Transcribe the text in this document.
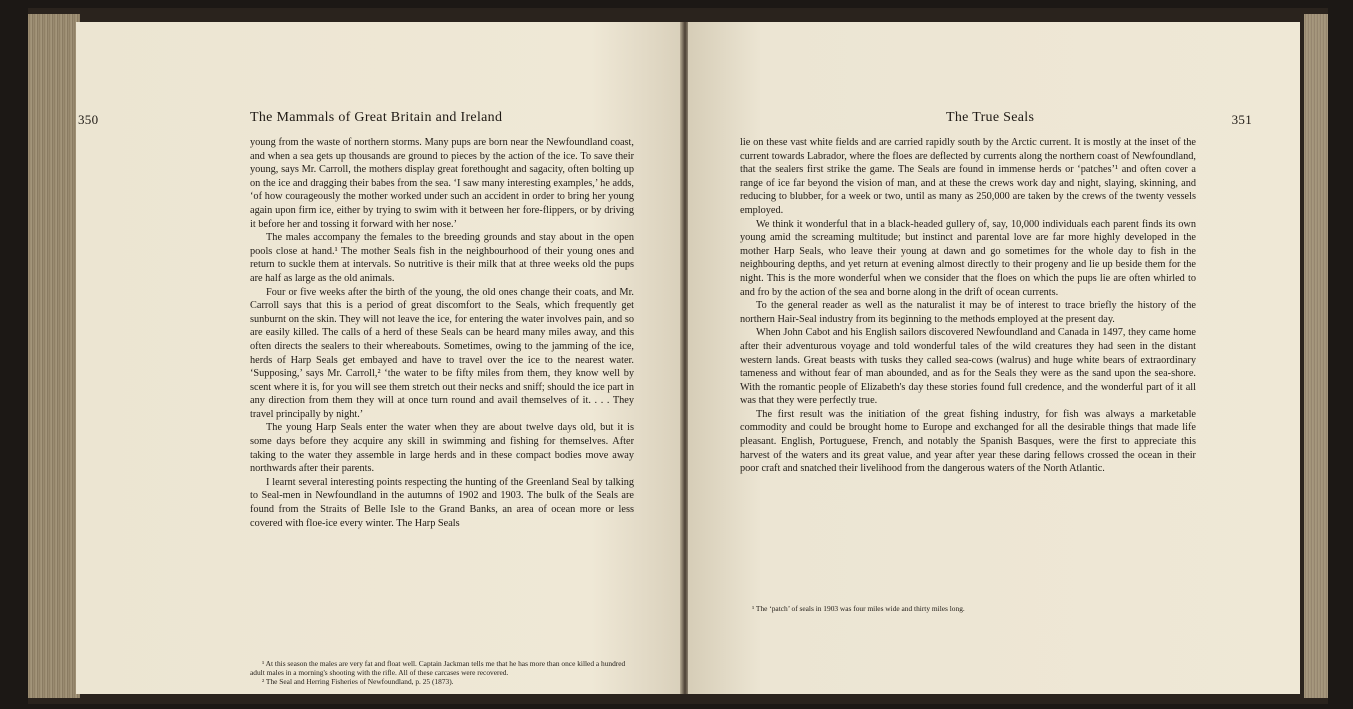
350	The Mammals of Great Britain and Ireland

young from the waste of northern storms. Many pups are born near the Newfoundland coast, and when a sea gets up thousands are ground to pieces by the action of the ice. To save their young, says Mr. Carroll, the mothers display great forethought and sagacity, often bolting up on the ice and dragging their babes from the sea. ‘I saw many interesting examples,’ he adds, ‘of how courageously the mother worked under such an accident in order to bring her young again upon firm ice, either by trying to swim with it between her fore-flippers, or by driving it before her and tossing it forward with her nose.’

The males accompany the females to the breeding grounds and stay about in the open pools close at hand.¹ The mother Seals fish in the neighbourhood of their young ones and return to suckle them at intervals. So nutritive is their milk that at three weeks old the pups are half as large as the old animals.

Four or five weeks after the birth of the young, the old ones change their coats, and Mr. Carroll says that this is a period of great discomfort to the Seals, which frequently get sunburnt on the skin. They will not leave the ice, for entering the water involves pain, and so are easily killed. The calls of a herd of these Seals can be heard many miles away, and this often directs the sealers to their whereabouts. Sometimes, owing to the jamming of the ice, herds of Harp Seals get embayed and have to travel over the ice to the nearest water. ‘Supposing,’ says Mr. Carroll,² ‘the water to be fifty miles from them, they know well by scent where it is, for you will see them stretch out their necks and sniff; should the ice part in any direction from them they will at once turn round and avail themselves of it. . . . They travel principally by night.’

The young Harp Seals enter the water when they are about twelve days old, but it is some days before they acquire any skill in swimming and fishing for themselves. After taking to the water they assemble in large herds and in these compact bodies move away northwards after their parents.

I learnt several interesting points respecting the hunting of the Greenland Seal by talking to Seal-men in Newfoundland in the autumns of 1902 and 1903. The bulk of the Seals are found from the Straits of Belle Isle to the Grand Banks, an area of ocean more or less covered with floe-ice every winter. The Harp Seals

¹ At this season the males are very fat and float well. Captain Jackman tells me that he has more than once killed a hundred adult males in a morning's shooting with the rifle. All of these carcases were recovered.

² The Seal and Herring Fisheries of Newfoundland, p. 25 (1873).

The True Seals	351

lie on these vast white fields and are carried rapidly south by the Arctic current. It is mostly at the inset of the current towards Labrador, where the floes are deflected by currents along the northern coast of Newfoundland, that the sealers first strike the game. The Seals are found in immense herds or ‘patches’¹ and often cover a range of ice far beyond the vision of man, and at these the crews work day and night, slaying, skinning, and reducing to blubber, for a week or two, until as many as 250,000 are taken by the crews of the twenty vessels employed.

We think it wonderful that in a black-headed gullery of, say, 10,000 individuals each parent finds its own young amid the screaming multitude; but instinct and parental love are far more highly developed in the mother Harp Seals, who leave their young at dawn and go sometimes for the whole day to fish in the neighbouring depths, and yet return at evening almost directly to their progeny and lie up beside them for the night. This is the more wonderful when we consider that the floes on which the pups lie are often whirled to and fro by the action of the sea and borne along in the drift of ocean currents.

To the general reader as well as the naturalist it may be of interest to trace briefly the history of the northern Hair-Seal industry from its beginning to the methods employed at the present day.

When John Cabot and his English sailors discovered Newfoundland and Canada in 1497, they came home after their adventurous voyage and told wonderful tales of the wild creatures they had seen in the distant western lands. Great beasts with tusks they called sea-cows (walrus) and huge white bears of extraordinary tameness and without fear of man abounded, and as for the Seals they were as the sand upon the sea-shore. With the romantic people of Elizabeth's day these stories found full credence, and the wonderful part of it all was that they were perfectly true.

The first result was the initiation of the great fishing industry, for fish was always a marketable commodity and could be brought home to Europe and exchanged for all the desirable things that made life pleasant. English, Portuguese, French, and notably the Spanish Basques, were the first to appreciate this harvest of the waters and its great value, and year after year these daring fellows crossed the ocean in their poor craft and snatched their livelihood from the dangerous waters of the North Atlantic.

¹ The ‘patch’ of seals in 1903 was four miles wide and thirty miles long.
